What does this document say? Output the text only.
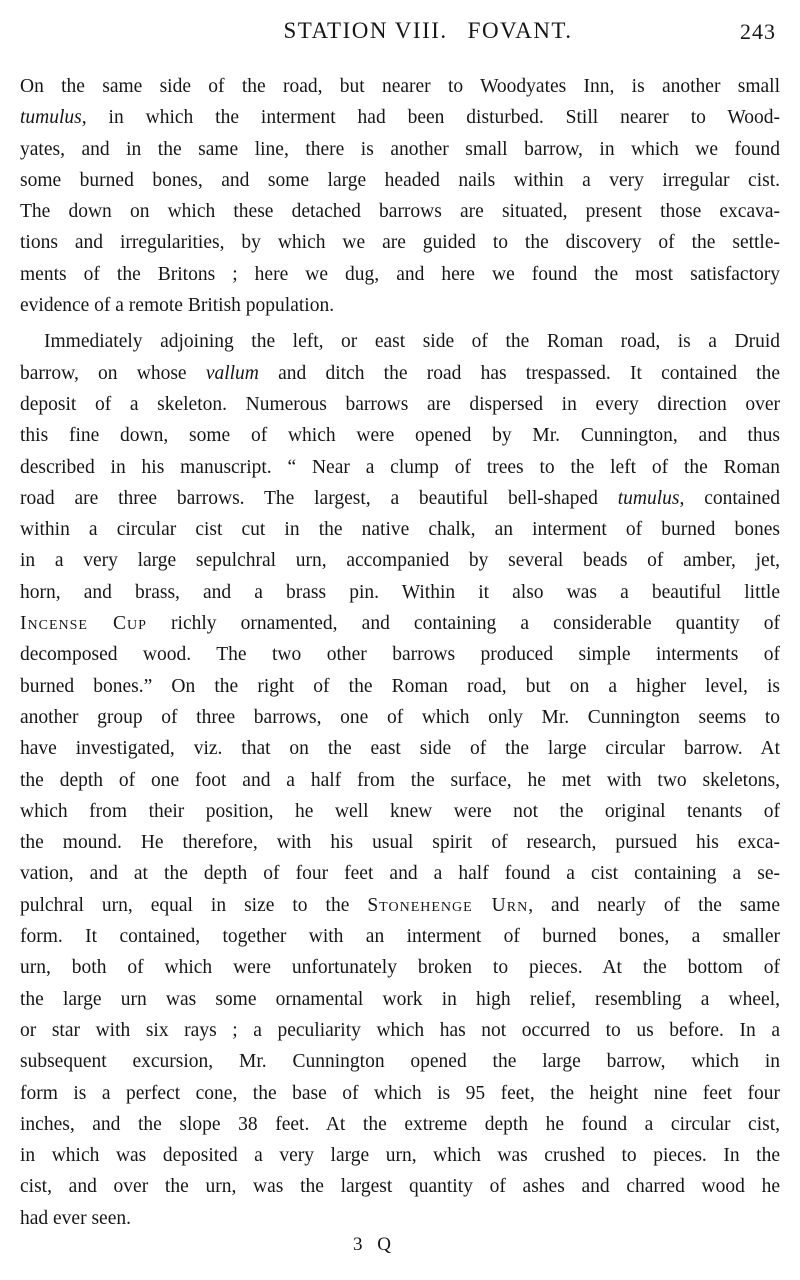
STATION VIII. FOVANT.	243
On the same side of the road, but nearer to Woodyates Inn, is another small
tumulus, in which the interment had been disturbed. Still nearer to Wood-
yates, and in the same line, there is another small barrow, in which we found
some burned bones, and some large headed nails within a very irregular cist.
The down on which these detached barrows are situated, present those excava-
tions and irregularities, by which we are guided to the discovery of the settle-
ments of the Britons ; here we dug, and here we found the most satisfactory
evidence of a remote British population.
Immediately adjoining the left, or east side of the Roman road, is a Druid
barrow, on whose vallum and ditch the road has trespassed. It contained the
deposit of a skeleton. Numerous barrows are dispersed in every direction over
this fine down, some of which were opened by Mr. Cunnington, and thus
described in his manuscript. “ Near a clump of trees to the left of the Roman
road are three barrows. The largest, a beautiful bell-shaped tumulus, contained
within a circular cist cut in the native chalk, an interment of burned bones
in a very large sepulchral urn, accompanied by several beads of amber, jet,
horn, and brass, and a brass pin. Within it also was a beautiful little
Incense Cup richly ornamented, and containing a considerable quantity of
decomposed wood. The two other barrows produced simple interments of
burned bones.” On the right of the Roman road, but on a higher level, is
another group of three barrows, one of which only Mr. Cunnington seems to
have investigated, viz. that on the east side of the large circular barrow. At
the depth of one foot and a half from the surface, he met with two skeletons,
which from their position, he well knew were not the original tenants of
the mound. He therefore, with his usual spirit of research, pursued his exca-
vation, and at the depth of four feet and a half found a cist containing a se-
pulchral urn, equal in size to the Stonehenge Urn, and nearly of the same
form. It contained, together with an interment of burned bones, a smaller
urn, both of which were unfortunately broken to pieces. At the bottom of
the large urn was some ornamental work in high relief, resembling a wheel,
or star with six rays ; a peculiarity which has not occurred to us before. In a
subsequent excursion, Mr. Cunnington opened the large barrow, which in
form is a perfect cone, the base of which is 95 feet, the height nine feet four
inches, and the slope 38 feet. At the extreme depth he found a circular cist,
in which was deposited a very large urn, which was crushed to pieces. In the
cist, and over the urn, was the largest quantity of ashes and charred wood he
had ever seen.
3 Q
